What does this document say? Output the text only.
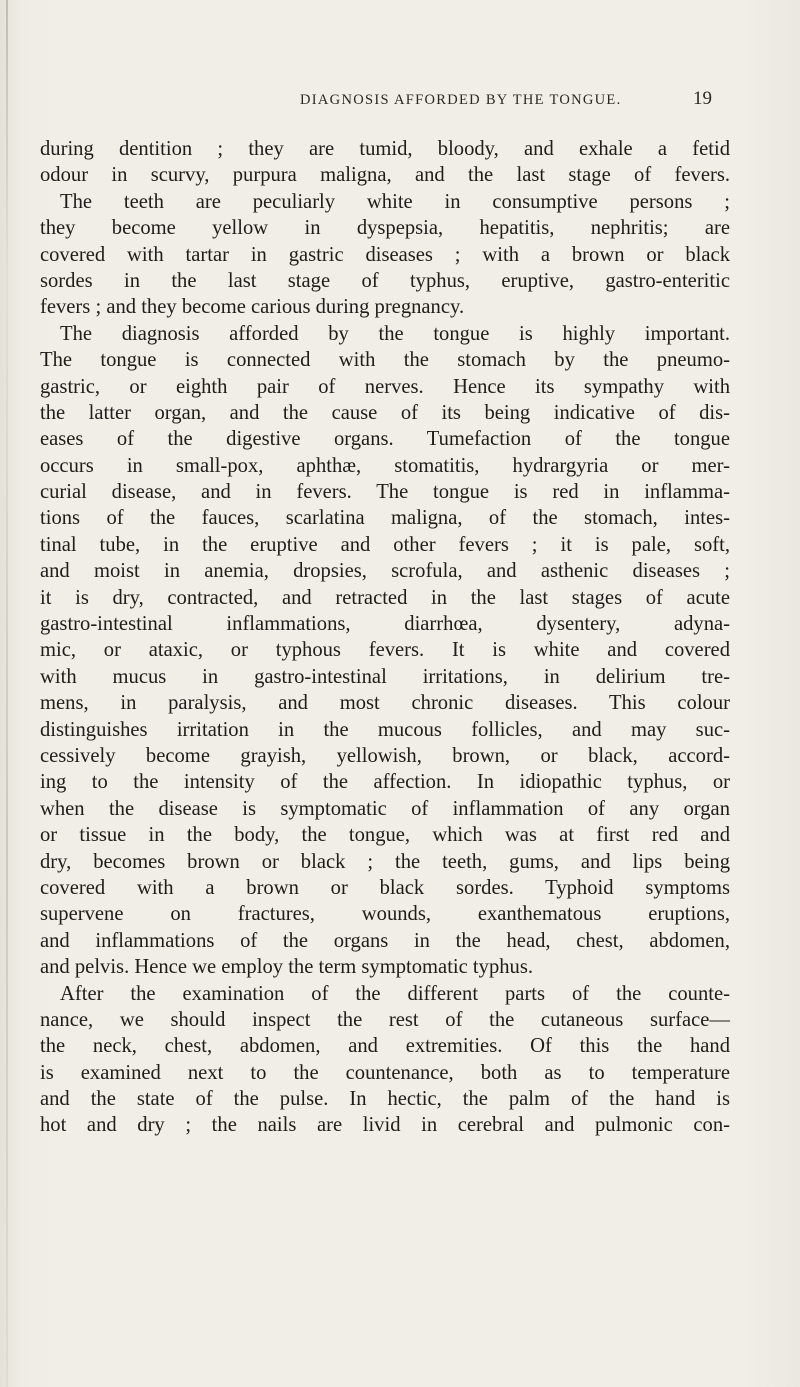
DIAGNOSIS AFFORDED BY THE TONGUE.	19
during dentition ; they are tumid, bloody, and exhale a fetid
odour in scurvy, purpura maligna, and the last stage of fevers.
The teeth are peculiarly white in consumptive persons ;
they become yellow in dyspepsia, hepatitis, nephritis; are
covered with tartar in gastric diseases ; with a brown or black
sordes in the last stage of typhus, eruptive, gastro-enteritic
fevers ; and they become carious during pregnancy.
The diagnosis afforded by the tongue is highly important.
The tongue is connected with the stomach by the pneumo-
gastric, or eighth pair of nerves. Hence its sympathy with
the latter organ, and the cause of its being indicative of dis-
eases of the digestive organs. Tumefaction of the tongue
occurs in small-pox, aphthæ, stomatitis, hydrargyria or mer-
curial disease, and in fevers. The tongue is red in inflamma-
tions of the fauces, scarlatina maligna, of the stomach, intes-
tinal tube, in the eruptive and other fevers ; it is pale, soft,
and moist in anemia, dropsies, scrofula, and asthenic diseases ;
it is dry, contracted, and retracted in the last stages of acute
gastro-intestinal inflammations, diarrhœa, dysentery, adyna-
mic, or ataxic, or typhous fevers. It is white and covered
with mucus in gastro-intestinal irritations, in delirium tre-
mens, in paralysis, and most chronic diseases. This colour
distinguishes irritation in the mucous follicles, and may suc-
cessively become grayish, yellowish, brown, or black, accord-
ing to the intensity of the affection. In idiopathic typhus, or
when the disease is symptomatic of inflammation of any organ
or tissue in the body, the tongue, which was at first red and
dry, becomes brown or black ; the teeth, gums, and lips being
covered with a brown or black sordes. Typhoid symptoms
supervene on fractures, wounds, exanthematous eruptions,
and inflammations of the organs in the head, chest, abdomen,
and pelvis. Hence we employ the term symptomatic typhus.
After the examination of the different parts of the counte-
nance, we should inspect the rest of the cutaneous surface—
the neck, chest, abdomen, and extremities. Of this the hand
is examined next to the countenance, both as to temperature
and the state of the pulse. In hectic, the palm of the hand is
hot and dry ; the nails are livid in cerebral and pulmonic con-
